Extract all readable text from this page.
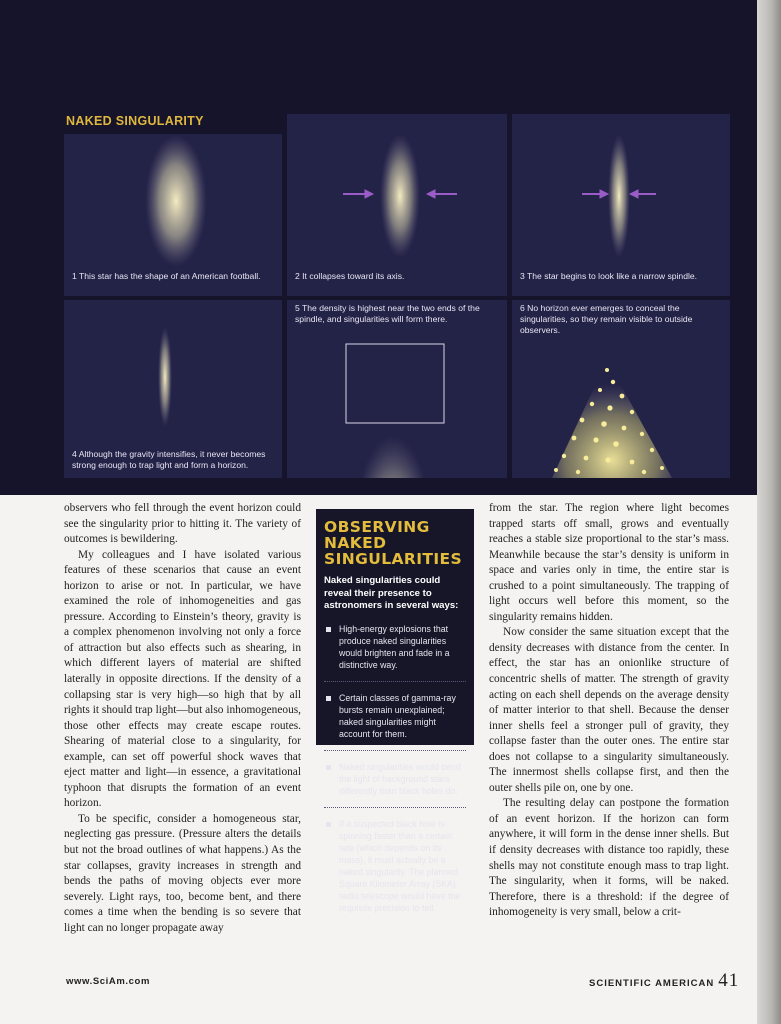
NAKED SINGULARITY
1 This star has the shape of an American football.	2 It collapses toward its axis.	3 The star begins to look like a narrow spindle.
4 Although the gravity intensifies, it never becomes strong enough to trap light and form a horizon.
5 The density is highest near the two ends of the spindle, and singularities will form there.
6 No horizon ever emerges to conceal the singularities, so they remain visible to outside observers.

observers who fell through the event horizon could see the singularity prior to hitting it. The variety of outcomes is bewildering.

My colleagues and I have isolated various features of these scenarios that cause an event horizon to arise or not. In particular, we have examined the role of inhomogeneities and gas pressure. According to Einstein’s theory, gravity is a complex phenomenon involving not only a force of attraction but also effects such as shearing, in which different layers of material are shifted laterally in opposite directions. If the density of a collapsing star is very high—so high that by all rights it should trap light—but also inhomogeneous, those other effects may create escape routes. Shearing of material close to a singularity, for example, can set off powerful shock waves that eject matter and light—in essence, a gravitational typhoon that disrupts the formation of an event horizon.

To be specific, consider a homogeneous star, neglecting gas pressure. (Pressure alters the details but not the broad outlines of what happens.) As the star collapses, gravity increases in strength and bends the paths of moving objects ever more severely. Light rays, too, become bent, and there comes a time when the bending is so severe that light can no longer propagate away

OBSERVING
NAKED
SINGULARITIES
Naked singularities could reveal their presence to astronomers in several ways:
High-energy explosions that produce naked singularities would brighten and fade in a distinctive way.
Certain classes of gamma-ray bursts remain unexplained; naked singularities might account for them.
Naked singularities would bend the light of background stars differently than black holes do.
If a suspected black hole is spinning faster than a certain rate (which depends on its mass), it must actually be a naked singularity. The planned Square Kilometer Array (SKA) radio telescope would have the requisite precision to tell.

from the star. The region where light becomes trapped starts off small, grows and eventually reaches a stable size proportional to the star’s mass. Meanwhile because the star’s density is uniform in space and varies only in time, the entire star is crushed to a point simultaneously. The trapping of light occurs well before this moment, so the singularity remains hidden.

Now consider the same situation except that the density decreases with distance from the center. In effect, the star has an onionlike structure of concentric shells of matter. The strength of gravity acting on each shell depends on the average density of matter interior to that shell. Because the denser inner shells feel a stronger pull of gravity, they collapse faster than the outer ones. The entire star does not collapse to a singularity simultaneously. The innermost shells collapse first, and then the outer shells pile on, one by one.

The resulting delay can postpone the formation of an event horizon. If the horizon can form anywhere, it will form in the dense inner shells. But if density decreases with distance too rapidly, these shells may not constitute enough mass to trap light. The singularity, when it forms, will be naked. Therefore, there is a threshold: if the degree of inhomogeneity is very small, below a crit-

www.SciAm.com	SCIENTIFIC AMERICAN 41
